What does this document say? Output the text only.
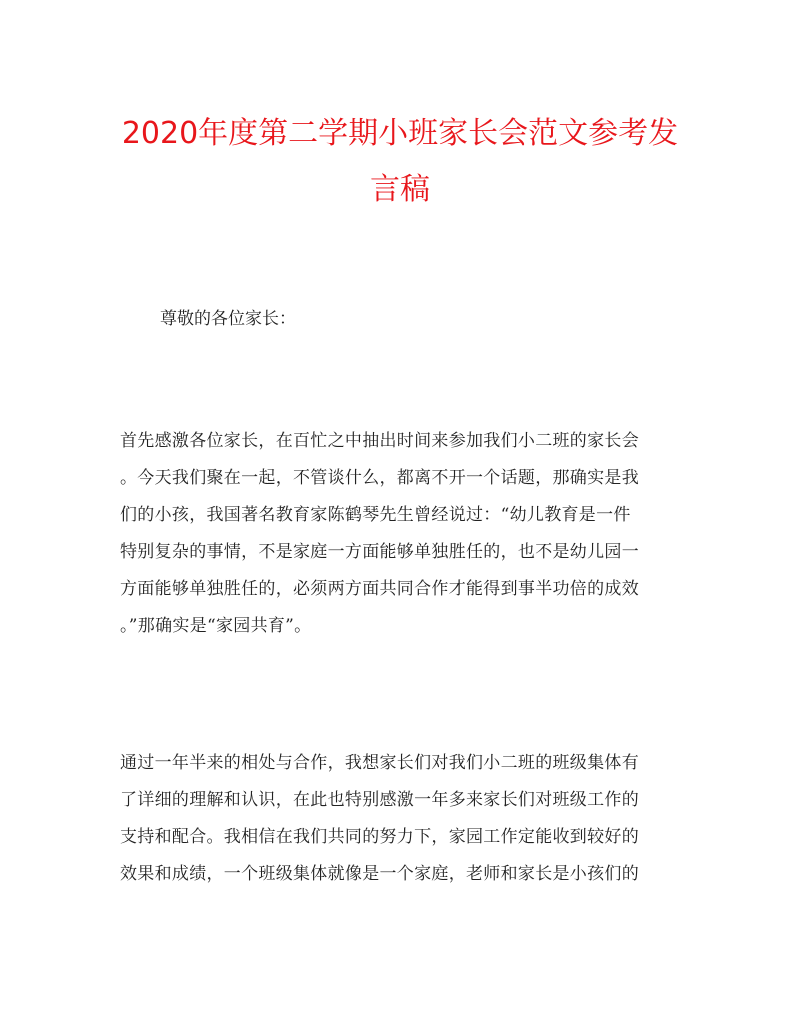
2020年度第二学期小班家长会范文参考发
言稿
尊敬的各位家长：
首先感激各位家长，在百忙之中抽出时间来参加我们小二班的家长会
。今天我们聚在一起，不管谈什么，都离不开一个话题，那确实是我
们的小孩，我国著名教育家陈鹤琴先生曾经说过：“幼儿教育是一件
特别复杂的事情，不是家庭一方面能够单独胜任的，也不是幼儿园一
方面能够单独胜任的，必须两方面共同合作才能得到事半功倍的成效
。”那确实是“家园共育”。
通过一年半来的相处与合作，我想家长们对我们小二班的班级集体有
了详细的理解和认识，在此也特别感激一年多来家长们对班级工作的
支持和配合。我相信在我们共同的努力下，家园工作定能收到较好的
效果和成绩，一个班级集体就像是一个家庭，老师和家长是小孩们的
